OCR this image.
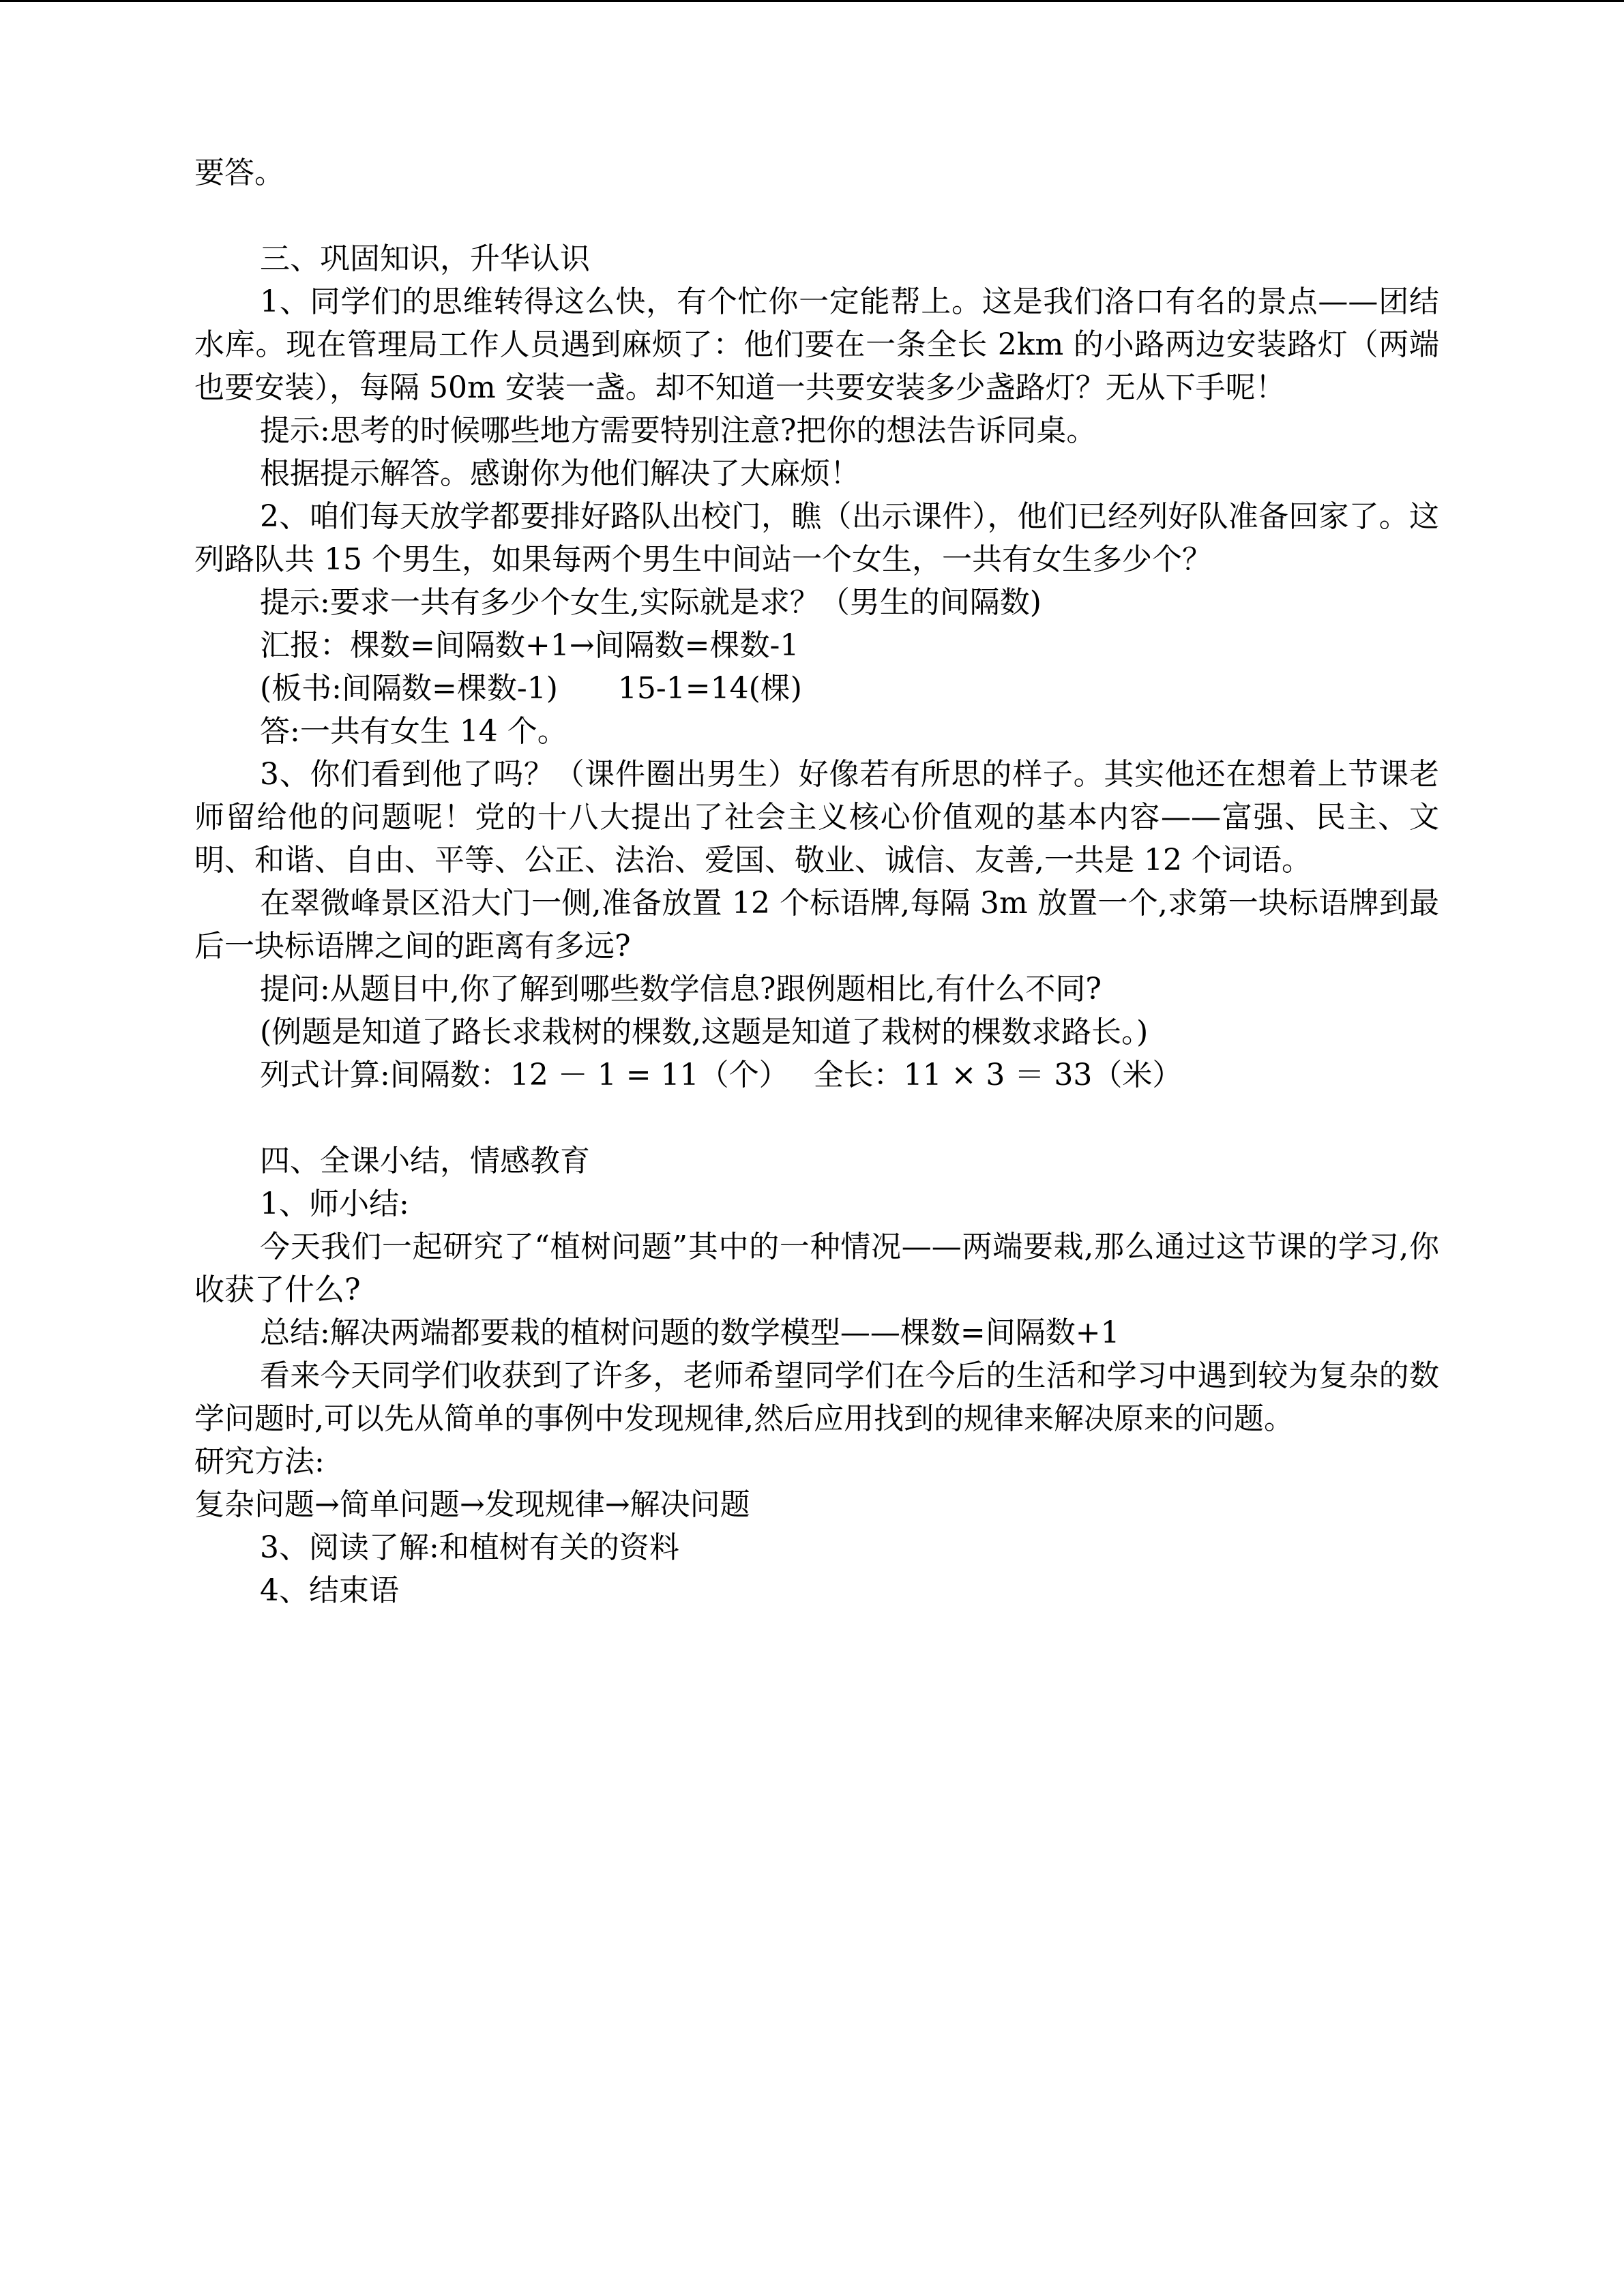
要答。

三、巩固知识，升华认识

1、同学们的思维转得这么快，有个忙你一定能帮上。这是我们洛口有名的景点——团结水库。现在管理局工作人员遇到麻烦了：他们要在一条全长 2km 的小路两边安装路灯（两端也要安装），每隔 50m 安装一盏。却不知道一共要安装多少盏路灯？无从下手呢！

提示:思考的时候哪些地方需要特别注意?把你的想法告诉同桌。

根据提示解答。感谢你为他们解决了大麻烦！

2、咱们每天放学都要排好路队出校门，瞧（出示课件），他们已经列好队准备回家了。这列路队共 15 个男生，如果每两个男生中间站一个女生，一共有女生多少个？

提示:要求一共有多少个女生,实际就是求？（男生的间隔数)

汇报：棵数=间隔数+1→间隔数=棵数-1

(板书:间隔数=棵数-1)　　15-1=14(棵)

答:一共有女生 14 个。

3、你们看到他了吗？（课件圈出男生）好像若有所思的样子。其实他还在想着上节课老师留给他的问题呢！党的十八大提出了社会主义核心价值观的基本内容——富强、民主、文明、和谐、自由、平等、公正、法治、爱国、敬业、诚信、友善,一共是 12 个词语。

在翠微峰景区沿大门一侧,准备放置 12 个标语牌,每隔 3m 放置一个,求第一块标语牌到最后一块标语牌之间的距离有多远?

提问:从题目中,你了解到哪些数学信息?跟例题相比,有什么不同?

(例题是知道了路长求栽树的棵数,这题是知道了栽树的棵数求路长。)

列式计算:间隔数：12 － 1 = 11（个）　 全长：11 × 3 ＝ 33（米）

四、全课小结，情感教育

1、师小结:

今天我们一起研究了“植树问题”其中的一种情况——两端要栽,那么通过这节课的学习,你收获了什么?

总结:解决两端都要栽的植树问题的数学模型——棵数=间隔数+1

看来今天同学们收获到了许多，老师希望同学们在今后的生活和学习中遇到较为复杂的数学问题时,可以先从简单的事例中发现规律,然后应用找到的规律来解决原来的问题。

研究方法:

复杂问题→简单问题→发现规律→解决问题

3、阅读了解:和植树有关的资料

4、结束语
